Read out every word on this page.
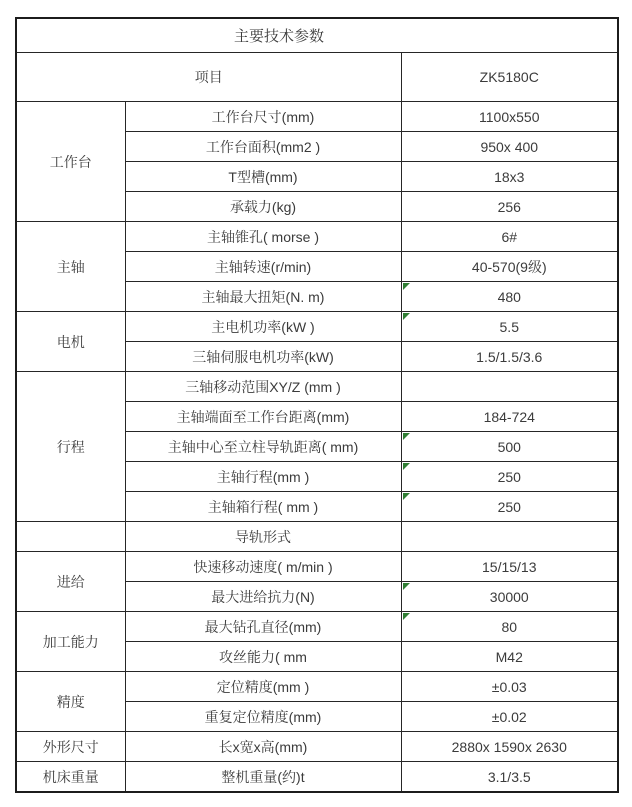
主要技术参数		
项目		ZK5180C
工作台	工作台尺寸(mm)	1100x550
	工作台面积(mm2 )	950x 400
	T型槽(mm)	18x3
	承载力(kg)	256
主轴	主轴锥孔( morse )	6#
	主轴转速(r/min)	40-570(9级)
	主轴最大扭矩(N. m)	480
电机	主电机功率(kW )	5.5
	三轴伺服电机功率(kW)	1.5/1.5/3.6
行程	三轴移动范围XY/Z (mm )	
	主轴端面至工作台距离(mm)	184-724
	主轴中心至立柱导轨距离( mm)	500
	主轴行程(mm )	250
	主轴箱行程( mm )	250
	导轨形式	
进给	快速移动速度( m/min )	15/15/13
	最大进给抗力(N)	30000
加工能力	最大钻孔直径(mm)	80
	攻丝能力( mm	M42
精度	定位精度(mm )	±0.03
	重复定位精度(mm)	±0.02
外形尺寸	长x宽x高(mm)	2880x 1590x 2630
机床重量	整机重量(约)t	3.1/3.5
